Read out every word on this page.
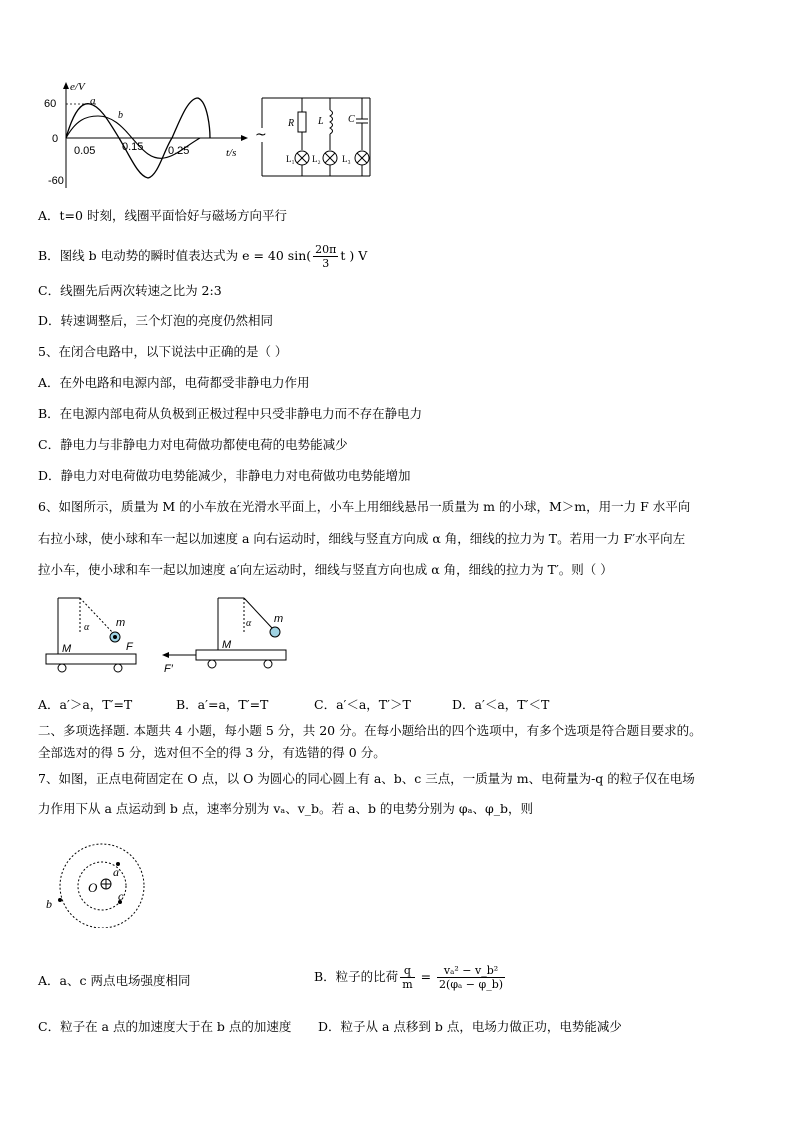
e/V
60
0
-60
0.05 0.15 0.25	t/s
a
b
~
R
L₁
L
L₂
C
L₃
A．t=0 时刻，线圈平面恰好与磁场方向平行
B．图线 b 电动势的瞬时值表达式为 e = 40 $\sin( \frac{20\pi}{3}$ t ) V
C．线圈先后两次转速之比为 2:3
D．转速调整后，三个灯泡的亮度仍然相同
5、在闭合电路中，以下说法中正确的是（ ）
A．在外电路和电源内部，电荷都受非静电力作用
B．在电源内部电荷从负极到正极过程中只受非静电力而不存在静电力
C．静电力与非静电力对电荷做功都使电荷的电势能减少
D．静电力对电荷做功电势能减少，非静电力对电荷做功电势能增加
6、如图所示，质量为 M 的小车放在光滑水平面上，小车上用细线悬吊一质量为 m 的小球，M＞m，用一力 F 水平向
右拉小球，使小球和车一起以加速度 a 向右运动时，细线与竖直方向成 α 角，细线的拉力为 T。若用一力 F′水平向左
拉小车，使小球和车一起以加速度 a′向左运动时，细线与竖直方向也成 α 角，细线的拉力为 T′。则（ ）
α m
M	F
α m
M
F′
A．a′＞a，T′=T	B．a′=a，T′=T	C．a′＜a，T′＞T	D．a′＜a，T′＜T
二、多项选择题. 本题共 4 小题，每小题 5 分，共 20 分。在每小题给出的四个选项中，有多个选项是符合题目要求的。
全部选对的得 5 分，选对但不全的得 3 分，有选错的得 0 分。
7、如图，正点电荷固定在 O 点，以 O 为圆心的同心圆上有 a、b、c 三点，一质量为 m、电荷量为-q 的粒子仅在电场
力作用下从 a 点运动到 b 点，速率分别为 vₐ、v_b。若 a、b 的电势分别为 φₐ、φ_b，则
O
a
b
c
A．a、c 两点电场强度相同	B．粒子的比荷 $\frac{q}{m} = \frac{\text{vₐ² − v\_b²}}{\text{2(φₐ − φ\_b)}}$
C．粒子在 a 点的加速度大于在 b 点的加速度 D．粒子从 a 点移到 b 点，电场力做正功，电势能减少
